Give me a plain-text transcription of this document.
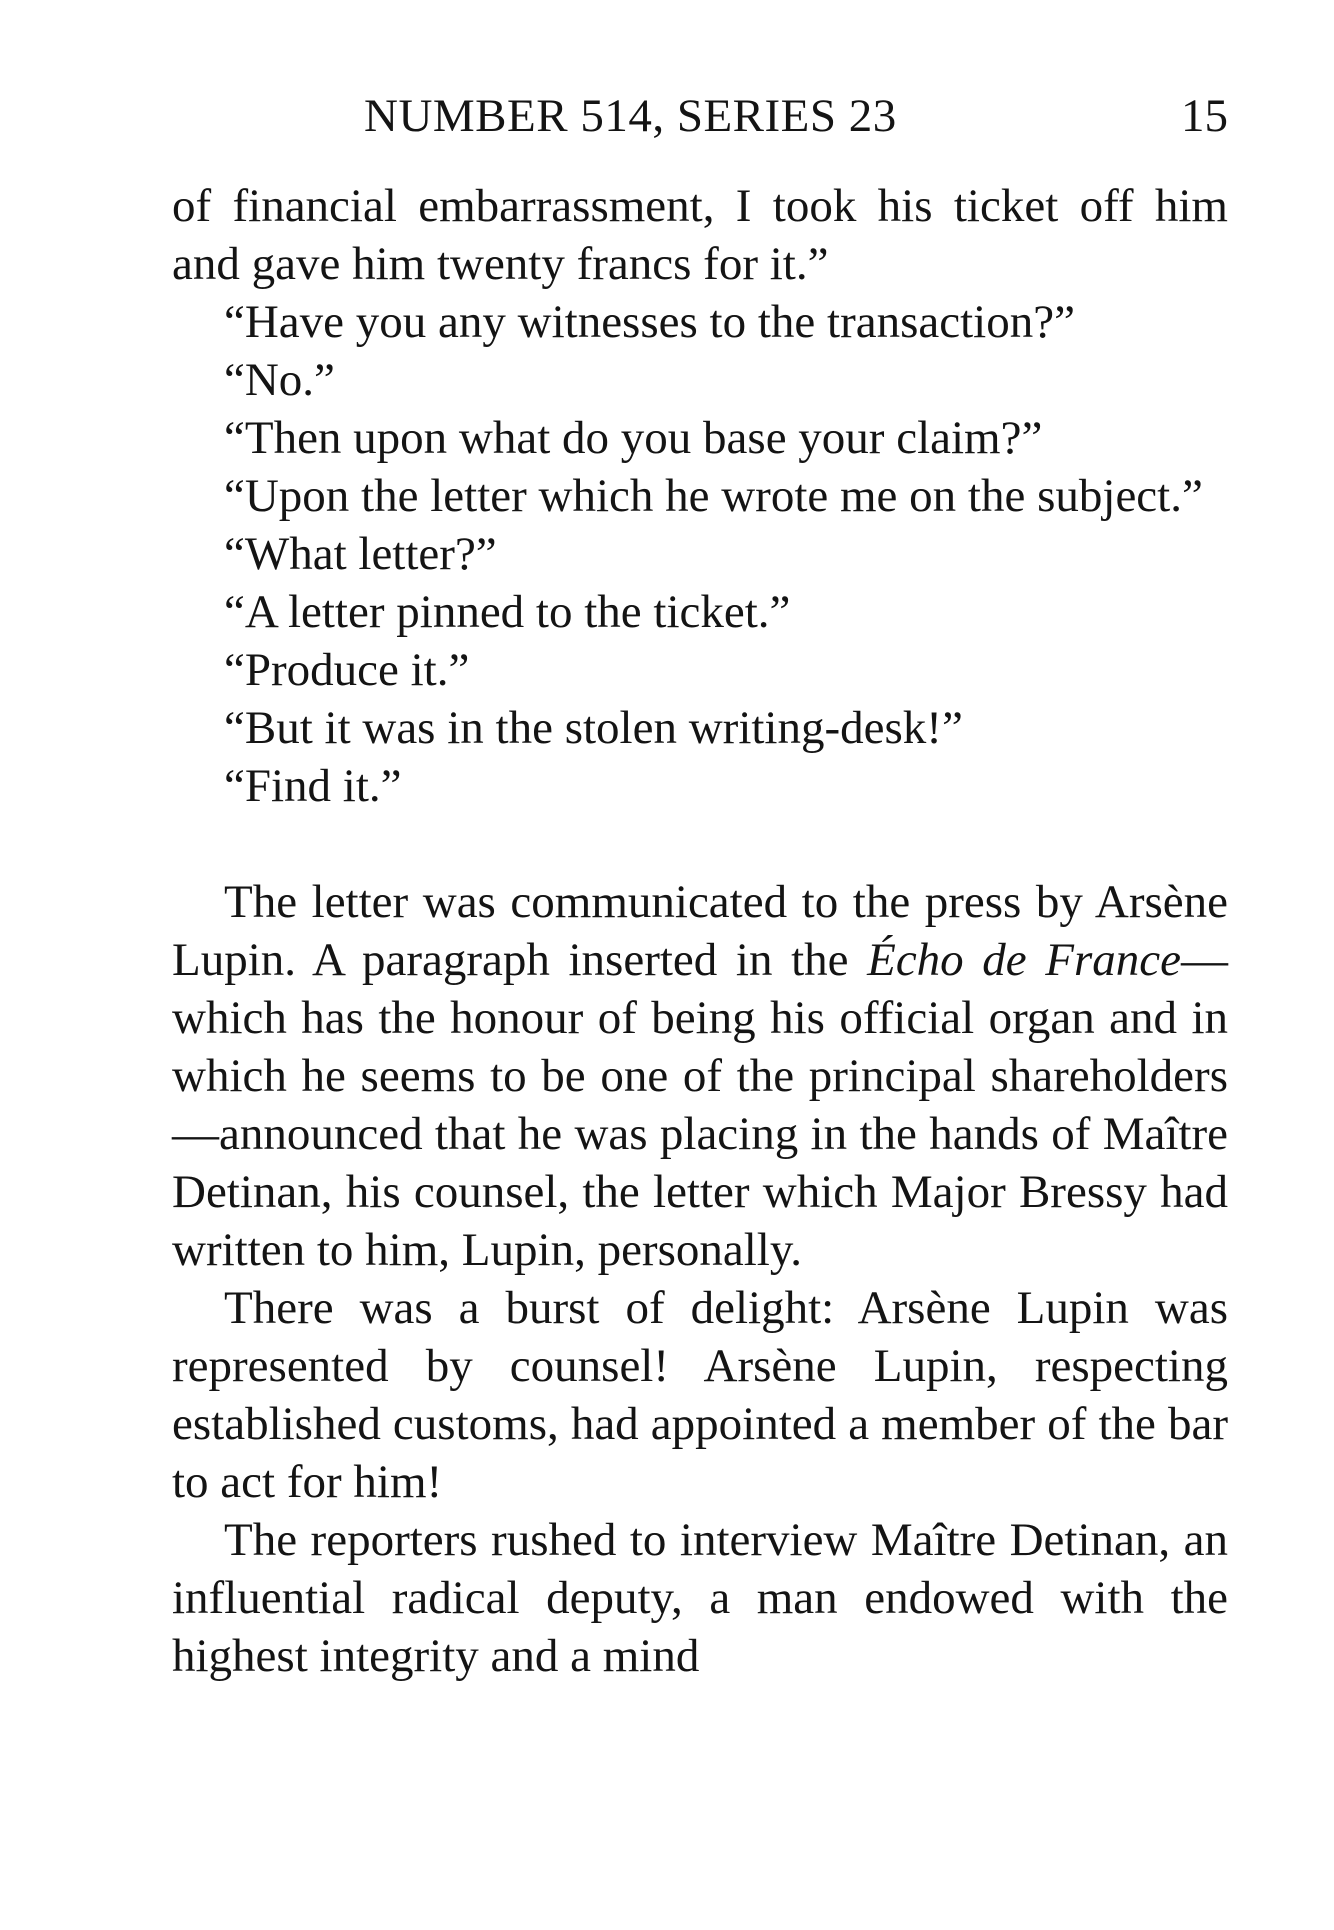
NUMBER 514, SERIES 23	15

of financial embarrassment, I took his ticket off him and gave him twenty francs for it.”

“Have you any witnesses to the transaction?”

“No.”

“Then upon what do you base your claim?”

“Upon the letter which he wrote me on the subject.”

“What letter?”

“A letter pinned to the ticket.”

“Produce it.”

“But it was in the stolen writing-desk!”

“Find it.”

The letter was communicated to the press by Arsène Lupin. A paragraph inserted in the Écho de France—which has the honour of being his official organ and in which he seems to be one of the principal shareholders—announced that he was placing in the hands of Maître Detinan, his counsel, the letter which Major Bressy had written to him, Lupin, personally.

There was a burst of delight: Arsène Lupin was represented by counsel! Arsène Lupin, respecting established customs, had appointed a member of the bar to act for him!

The reporters rushed to interview Maître Detinan, an influential radical deputy, a man endowed with the highest integrity and a mind
